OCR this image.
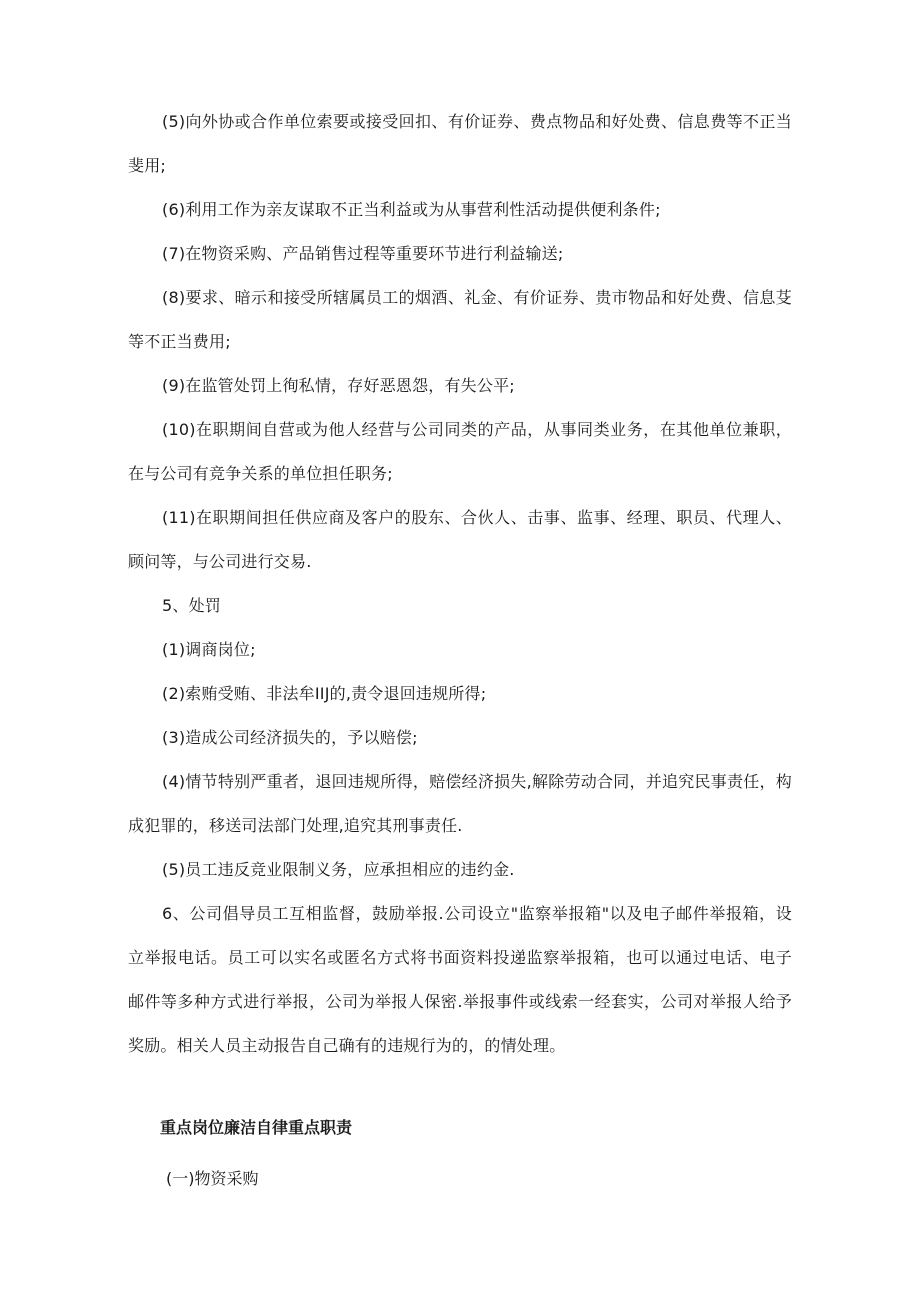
(5)向外协或合作单位索要或接受回扣、有价证券、费点物品和好处费、信息费等不正当斐用;

(6)利用工作为亲友谋取不正当利益或为从事营利性活动提供便利条件;

(7)在物资采购、产品销售过程等重要环节进行利益输送;

(8)要求、暗示和接受所辖属员工的烟酒、礼金、有价证券、贵市物品和好处费、信息芟等不正当费用;

(9)在监管处罚上徇私情，存好恶恩怨，有失公平;

(10)在职期间自营或为他人经营与公司同类的产品，从事同类业务，在其他单位兼职，在与公司有竞争关系的单位担任职务;

(11)在职期间担任供应商及客户的股东、合伙人、击事、监事、经理、职员、代理人、顾问等，与公司进行交易.

5、处罚

(1)调商岗位;

(2)索贿受贿、非法牟IIJ的,责令退回违规所得;

(3)造成公司经济损失的，予以赔偿;

(4)情节特别严重者，退回违规所得，赔偿经济损失,解除劳动合同，并追究民事责任，构成犯罪的，移送司法部门处理,追究其刑事责任.

(5)员工违反竞业限制义务，应承担相应的违约金.

6、公司倡导员工互相监督，鼓励举报.公司设立"监察举报箱"以及电子邮件举报箱，设立举报电话。员工可以实名或匿名方式将书面资料投递监察举报箱，也可以通过电话、电子邮件等多种方式进行举报，公司为举报人保密.举报事件或线索一经套实，公司对举报人给予奖励。相关人员主动报告自己确有的违规行为的，的情处理。

重点岗位廉洁自律重点职责

(一)物资采购
